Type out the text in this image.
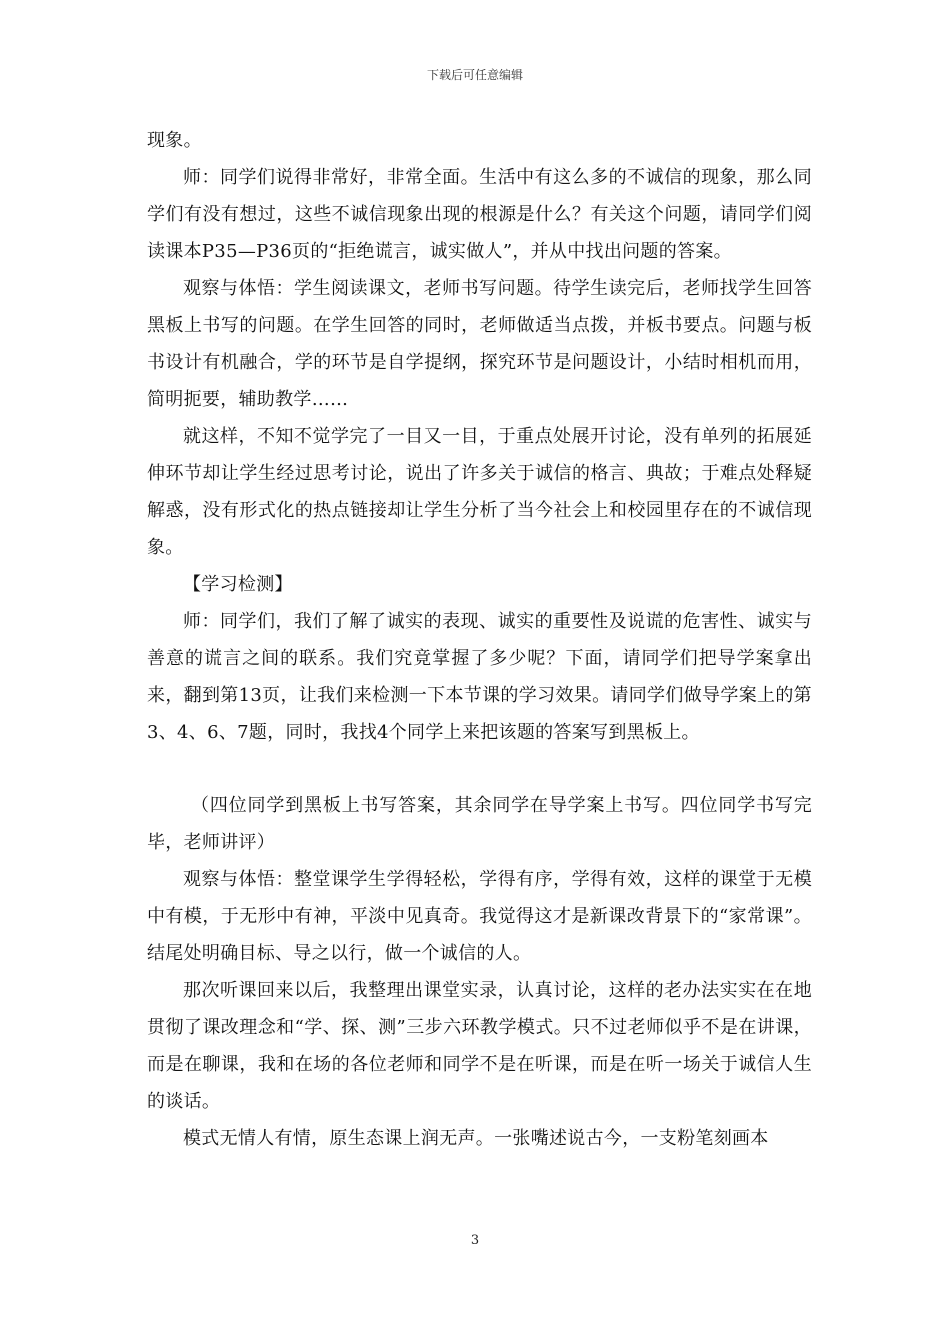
下载后可任意编辑

现象。

师：同学们说得非常好，非常全面。生活中有这么多的不诚信的现象，那么同学们有没有想过，这些不诚信现象出现的根源是什么？有关这个问题，请同学们阅读课本P35—P36页的“拒绝谎言，诚实做人”，并从中找出问题的答案。

观察与体悟：学生阅读课文，老师书写问题。待学生读完后，老师找学生回答黑板上书写的问题。在学生回答的同时，老师做适当点拨，并板书要点。问题与板书设计有机融合，学的环节是自学提纲，探究环节是问题设计，小结时相机而用，简明扼要，辅助教学……

就这样，不知不觉学完了一目又一目，于重点处展开讨论，没有单列的拓展延伸环节却让学生经过思考讨论，说出了许多关于诚信的格言、典故；于难点处释疑解惑，没有形式化的热点链接却让学生分析了当今社会上和校园里存在的不诚信现象。

【学习检测】

师：同学们，我们了解了诚实的表现、诚实的重要性及说谎的危害性、诚实与善意的谎言之间的联系。我们究竟掌握了多少呢？下面，请同学们把导学案拿出来，翻到第13页，让我们来检测一下本节课的学习效果。请同学们做导学案上的第3、4、6、7题，同时，我找4个同学上来把该题的答案写到黑板上。

（四位同学到黑板上书写答案，其余同学在导学案上书写。四位同学书写完毕，老师讲评）

观察与体悟：整堂课学生学得轻松，学得有序，学得有效，这样的课堂于无模中有模，于无形中有神，平淡中见真奇。我觉得这才是新课改背景下的“家常课”。结尾处明确目标、导之以行，做一个诚信的人。

那次听课回来以后，我整理出课堂实录，认真讨论，这样的老办法实实在在地贯彻了课改理念和“学、探、测”三步六环教学模式。只不过老师似乎不是在讲课，而是在聊课，我和在场的各位老师和同学不是在听课，而是在听一场关于诚信人生的谈话。

模式无情人有情，原生态课上润无声。一张嘴述说古今，一支粉笔刻画本

3
